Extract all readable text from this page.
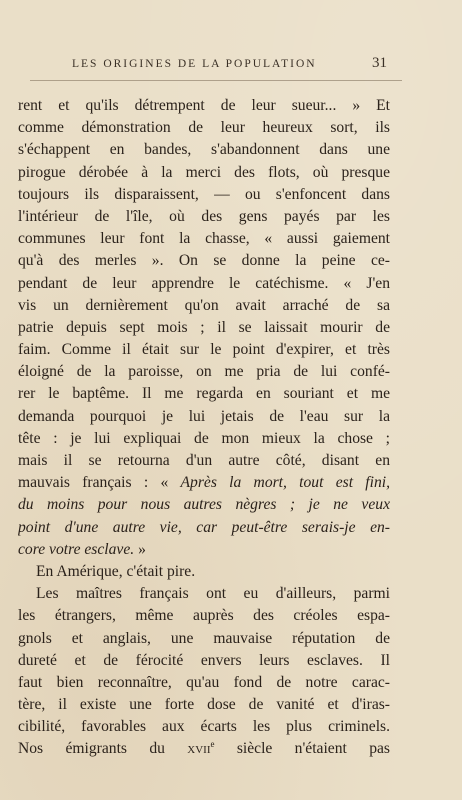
LES ORIGINES DE LA POPULATION	31
rent et qu'ils détrempent de leur sueur... » Et
comme démonstration de leur heureux sort, ils
s'échappent en bandes, s'abandonnent dans une
pirogue dérobée à la merci des flots, où presque
toujours ils disparaissent, — ou s'enfoncent dans
l'intérieur de l'île, où des gens payés par les
communes leur font la chasse, « aussi gaiement
qu'à des merles ». On se donne la peine ce-
pendant de leur apprendre le catéchisme. « J'en
vis un dernièrement qu'on avait arraché de sa
patrie depuis sept mois ; il se laissait mourir de
faim. Comme il était sur le point d'expirer, et très
éloigné de la paroisse, on me pria de lui confé-
rer le baptême. Il me regarda en souriant et me
demanda pourquoi je lui jetais de l'eau sur la
tête : je lui expliquai de mon mieux la chose ;
mais il se retourna d'un autre côté, disant en
mauvais français : « Après la mort, tout est fini,
du moins pour nous autres nègres ; je ne veux
point d'une autre vie, car peut-être serais-je en-
core votre esclave. »
En Amérique, c'était pire.
Les maîtres français ont eu d'ailleurs, parmi
les étrangers, même auprès des créoles espa-
gnols et anglais, une mauvaise réputation de
dureté et de férocité envers leurs esclaves. Il
faut bien reconnaître, qu'au fond de notre carac-
tère, il existe une forte dose de vanité et d'iras-
cibilité, favorables aux écarts les plus criminels.
Nos émigrants du xvii$^e$ siècle n'étaient pas
